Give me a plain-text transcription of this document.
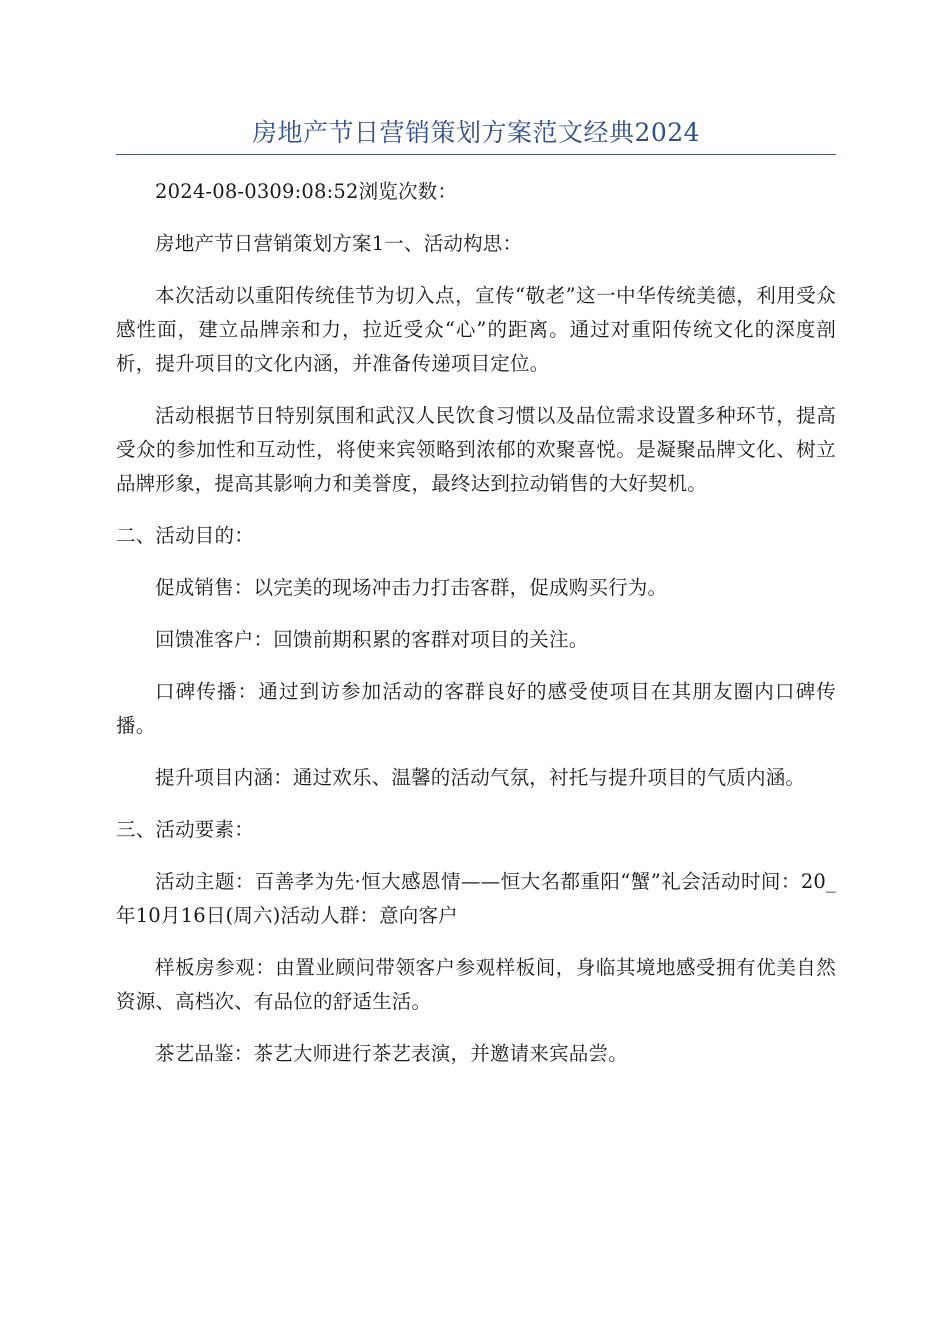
房地产节日营销策划方案范文经典2024

2024-08-0309:08:52浏览次数：

房地产节日营销策划方案1一、活动构思：

本次活动以重阳传统佳节为切入点，宣传“敬老”这一中华传统美德，利用受众感性面，建立品牌亲和力，拉近受众“心”的距离。通过对重阳传统文化的深度剖析，提升项目的文化内涵，并准备传递项目定位。

活动根据节日特别氛围和武汉人民饮食习惯以及品位需求设置多种环节，提高受众的参加性和互动性，将使来宾领略到浓郁的欢聚喜悦。是凝聚品牌文化、树立品牌形象，提高其影响力和美誉度，最终达到拉动销售的大好契机。

二、活动目的：

促成销售：以完美的现场冲击力打击客群，促成购买行为。

回馈准客户：回馈前期积累的客群对项目的关注。

口碑传播：通过到访参加活动的客群良好的感受使项目在其朋友圈内口碑传播。

提升项目内涵：通过欢乐、温馨的活动气氛，衬托与提升项目的气质内涵。

三、活动要素：

活动主题：百善孝为先·恒大感恩情——恒大名都重阳“蟹”礼会活动时间：20_年10月16日(周六)活动人群：意向客户

样板房参观：由置业顾问带领客户参观样板间，身临其境地感受拥有优美自然资源、高档次、有品位的舒适生活。

茶艺品鉴：茶艺大师进行茶艺表演，并邀请来宾品尝。
